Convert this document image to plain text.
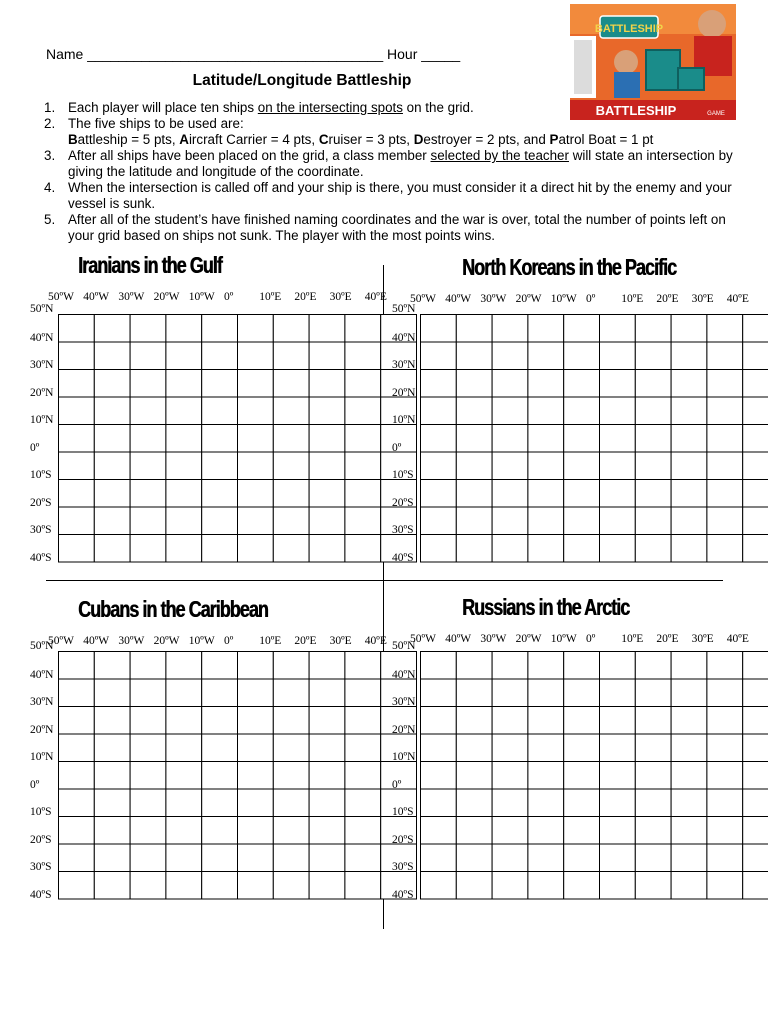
Name ______________________________________ Hour _____
Latitude/Longitude Battleship
BATTLESHIP
BATTLESHIP	GAME
1. Each player will place ten ships on the intersecting spots on the grid.
2. The five ships to be used are:
Battleship = 5 pts, Aircraft Carrier = 4 pts, Cruiser = 3 pts, Destroyer = 2 pts, and Patrol Boat = 1 pt
3. After all ships have been placed on the grid, a class member selected by the teacher will state an intersection by giving the latitude and longitude of the coordinate.
4. When the intersection is called off and your ship is there, you must consider it a direct hit by the enemy and your vessel is sunk.
5. After all of the student’s have finished naming coordinates and the war is over, total the number of points left on your grid based on ships not sunk. The player with the most points wins.
Iranians in the Gulf
50ºW 40ºW 30ºW 20ºW 10ºW 0º 10ºE 20ºE 30ºE 40ºE
50ºN
40ºN
30ºN
20ºN
10ºN
0º
10ºS
20ºS
30ºS
40ºS
North Koreans in the Pacific
50ºW 40ºW 30ºW 20ºW 10ºW 0º 10ºE 20ºE 30ºE 40ºE
50ºN
40ºN
30ºN
20ºN
10ºN
0º
10ºS
20ºS
30ºS
40ºS
Cubans in the Caribbean
50ºW 40ºW 30ºW 20ºW 10ºW 0º 10ºE 20ºE 30ºE 40ºE
50ºN
40ºN
30ºN
20ºN
10ºN
0º
10ºS
20ºS
30ºS
40ºS
Russians in the Arctic
50ºW 40ºW 30ºW 20ºW 10ºW 0º 10ºE 20ºE 30ºE 40ºE
50ºN
40ºN
30ºN
20ºN
10ºN
0º
10ºS
20ºS
30ºS
40ºS
